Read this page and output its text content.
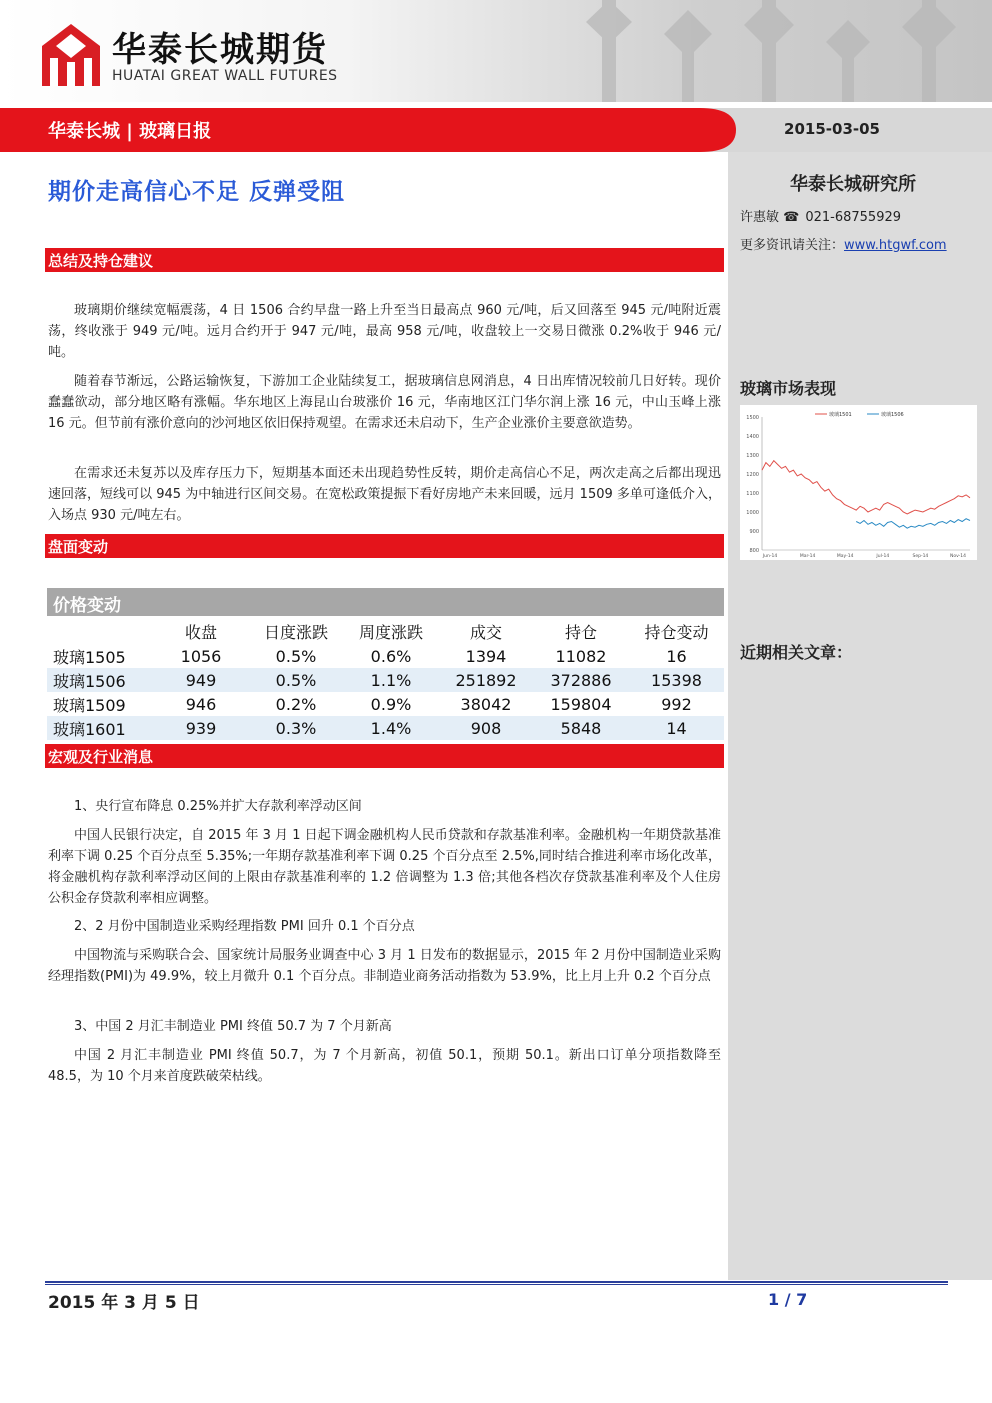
华泰长城期货
HUATAI GREAT WALL FUTURES
华泰长城 | 玻璃日报	2015-03-05
华泰长城研究所
许惠敏 ☎ 021-68755929
更多资讯请关注：www.htgwf.com
玻璃市场表现
800
900
1000
1100
1200
1300
1400
1500
Jun-14	Mar-14	May-14	Jul-14	Sep-14	Nov-14
玻璃1501	玻璃1506
近期相关文章：
期价走高信心不足 反弹受阻
总结及持仓建议

玻璃期价继续宽幅震荡，4 日 1506 合约早盘一路上升至当日最高点 960 元/吨，后又回落至 945 元/吨附近震荡，终收涨于 949 元/吨。远月合约开于 947 元/吨，最高 958 元/吨，收盘较上一交易日微涨 0.2%收于 946 元/吨。

随着春节渐远，公路运输恢复，下游加工企业陆续复工，据玻璃信息网消息，4 日出库情况较前几日好转。现价蠢蠢欲动，部分地区略有涨幅。华东地区上海昆山台玻涨价 16 元，华南地区江门华尔润上涨 16 元，中山玉峰上涨 16 元。但节前有涨价意向的沙河地区依旧保持观望。在需求还未启动下，生产企业涨价主要意欲造势。

在需求还未复苏以及库存压力下，短期基本面还未出现趋势性反转，期价走高信心不足，两次走高之后都出现迅速回落，短线可以 945 为中轴进行区间交易。在宽松政策提振下看好房地产未来回暖，远月 1509 多单可逢低介入，入场点 930 元/吨左右。

盘面变动
价格变动
	收盘	日度涨跌	周度涨跌	成交	持仓	持仓变动
玻璃1505	1056	0.5%	0.6%	1394	11082	16
玻璃1506	949	0.5%	1.1%	251892	372886	15398
玻璃1509	946	0.2%	0.9%	38042	159804	992
玻璃1601	939	0.3%	1.4%	908	5848	14
宏观及行业消息

1、央行宣布降息 0.25%并扩大存款利率浮动区间

中国人民银行决定，自 2015 年 3 月 1 日起下调金融机构人民币贷款和存款基准利率。金融机构一年期贷款基准利率下调 0.25 个百分点至 5.35%;一年期存款基准利率下调 0.25 个百分点至 2.5%,同时结合推进利率市场化改革，将金融机构存款利率浮动区间的上限由存款基准利率的 1.2 倍调整为 1.3 倍;其他各档次存贷款基准利率及个人住房公积金存贷款利率相应调整。

2、2 月份中国制造业采购经理指数 PMI 回升 0.1 个百分点

中国物流与采购联合会、国家统计局服务业调查中心 3 月 1 日发布的数据显示，2015 年 2 月份中国制造业采购经理指数(PMI)为 49.9%，较上月微升 0.1 个百分点。非制造业商务活动指数为 53.9%，比上月上升 0.2 个百分点

3、中国 2 月汇丰制造业 PMI 终值 50.7 为 7 个月新高

中国 2 月汇丰制造业 PMI 终值 50.7，为 7 个月新高，初值 50.1，预期 50.1。新出口订单分项指数降至 48.5，为 10 个月来首度跌破荣枯线。

2015 年 3 月 5 日	1 / 7
